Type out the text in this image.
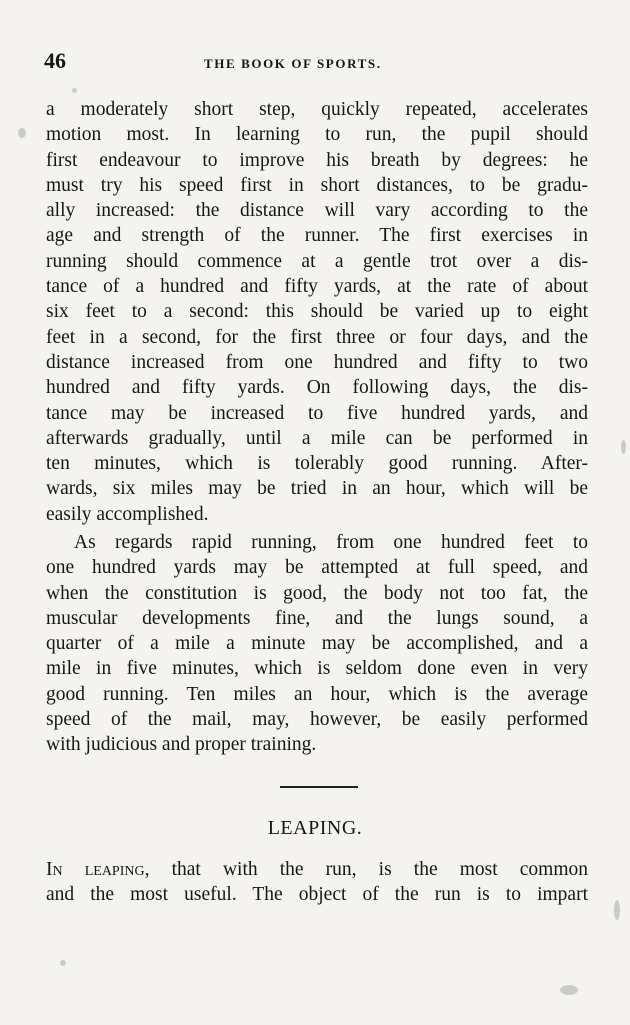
46	THE BOOK OF SPORTS.
a moderately short step, quickly repeated, accelerates
motion most. In learning to run, the pupil should
first endeavour to improve his breath by degrees: he
must try his speed first in short distances, to be gradu-
ally increased: the distance will vary according to the
age and strength of the runner. The first exercises in
running should commence at a gentle trot over a dis-
tance of a hundred and fifty yards, at the rate of about
six feet to a second: this should be varied up to eight
feet in a second, for the first three or four days, and the
distance increased from one hundred and fifty to two
hundred and fifty yards. On following days, the dis-
tance may be increased to five hundred yards, and
afterwards gradually, until a mile can be performed in
ten minutes, which is tolerably good running. After-
wards, six miles may be tried in an hour, which will be
easily accomplished.
As regards rapid running, from one hundred feet to
one hundred yards may be attempted at full speed, and
when the constitution is good, the body not too fat, the
muscular developments fine, and the lungs sound, a
quarter of a mile a minute may be accomplished, and a
mile in five minutes, which is seldom done even in very
good running. Ten miles an hour, which is the average
speed of the mail, may, however, be easily performed
with judicious and proper training.
LEAPING.
In leaping, that with the run, is the most common
and the most useful. The object of the run is to impart
